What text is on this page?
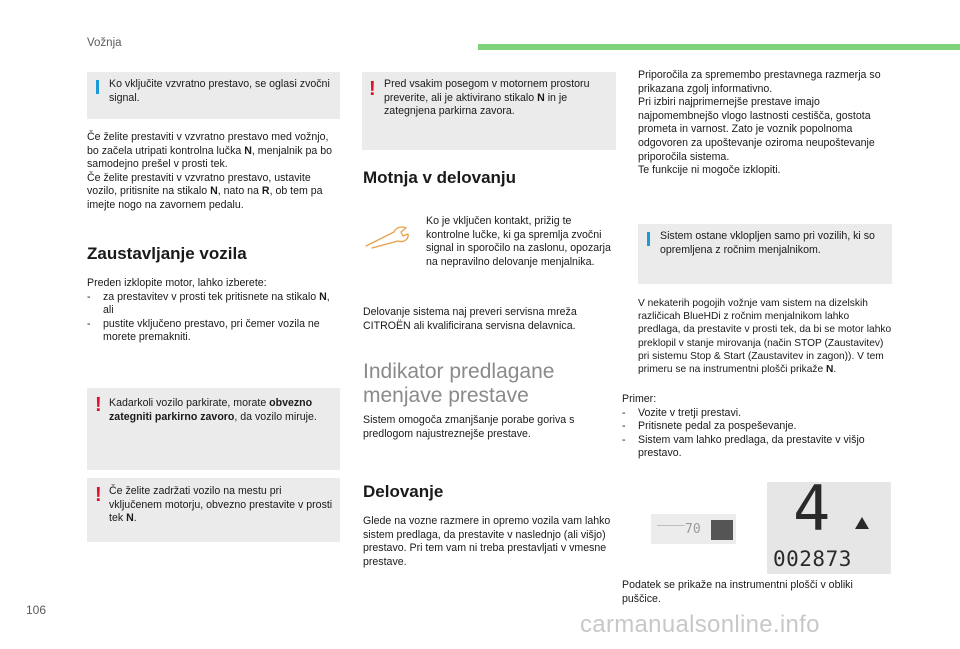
Vožnja
Ko vključite vzvratno prestavo, se oglasi zvočni signal.
Če želite prestaviti v vzvratno prestavo med vožnjo, bo začela utripati kontrolna lučka N, menjalnik pa bo samodejno prešel v prosti tek.
Če želite prestaviti v vzvratno prestavo, ustavite vozilo, pritisnite na stikalo N, nato na R, ob tem pa imejte nogo na zavornem pedalu.
Zaustavljanje vozila

Preden izklopite motor, lahko izberete:

-	za prestavitev v prosti tek pritisnete na stikalo N,
ali
-	pustite vključeno prestavo, pri čemer vozila ne morete premakniti.
! Kadarkoli vozilo parkirate, morate obvezno zategniti parkirno zavoro, da vozilo miruje.
! Če želite zadržati vozilo na mestu pri vključenem motorju, obvezno prestavite v prosti tek N.
! Pred vsakim posegom v motornem prostoru preverite, ali je aktivirano stikalo N in je zategnjena parkirna zavora.
Motnja v delovanju
Ko je vključen kontakt, prižig te kontrolne lučke, ki ga spremlja zvočni signal in sporočilo na zaslonu, opozarja na nepravilno delovanje menjalnika.
Delovanje sistema naj preveri servisna mreža CITROËN ali kvalificirana servisna delavnica.
Indikator predlagane
menjave prestave
Sistem omogoča zmanjšanje porabe goriva s predlogom najustreznejše prestave.
Delovanje
Glede na vozne razmere in opremo vozila vam lahko sistem predlaga, da prestavite v naslednjo (ali višjo) prestavo. Pri tem vam ni treba prestavljati v vmesne prestave.

Priporočila za spremembo prestavnega razmerja so prikazana zgolj informativno.

Pri izbiri najprimernejše prestave imajo najpomembnejšo vlogo lastnosti cestišča, gostota prometa in varnost. Zato je voznik popolnoma odgovoren za upoštevanje oziroma neupoštevanje priporočila sistema.

Te funkcije ni mogoče izklopiti.

Sistem ostane vklopljen samo pri vozilih, ki so opremljena z ročnim menjalnikom.
V nekaterih pogojih vožnje vam sistem na dizelskih različicah BlueHDi z ročnim menjalnikom lahko predlaga, da prestavite v prosti tek, da bi se motor lahko preklopil v stanje mirovanja (način STOP (Zaustavitev) pri sistemu Stop & Start (Zaustavitev in zagon)). V tem primeru se na instrumentni plošči prikaže N.

Primer:

-	Vozite v tretji prestavi.
-	Pritisnete pedal za pospeševanje.
-	Sistem vam lahko predlaga, da prestavite v višjo prestavo.
70 4
002873
Podatek se prikaže na instrumentni plošči v obliki puščice.
106
carmanualsonline.info
